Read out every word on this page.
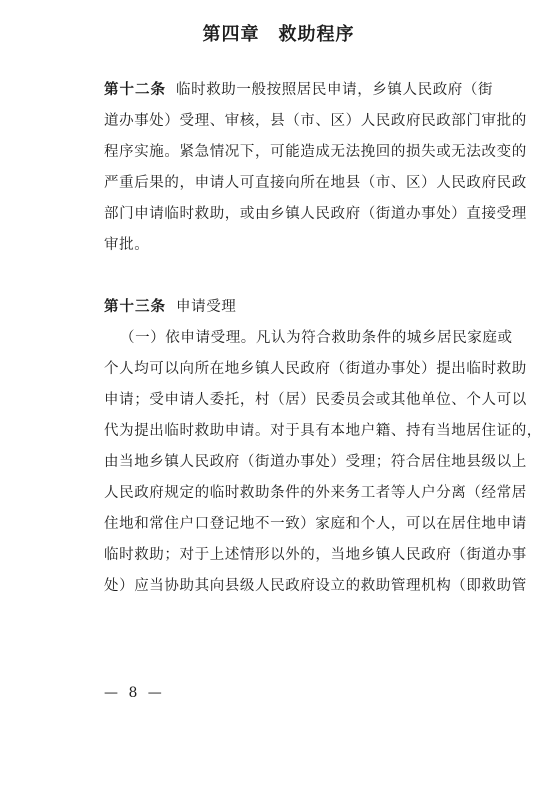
第四章　救助程序
第十二条 临时救助一般按照居民申请，乡镇人民政府（街
道办事处）受理、审核，县（市、区）人民政府民政部门审批的
程序实施。紧急情况下，可能造成无法挽回的损失或无法改变的
严重后果的，申请人可直接向所在地县（市、区）人民政府民政
部门申请临时救助，或由乡镇人民政府（街道办事处）直接受理
审批。
第十三条 申请受理
（一）依申请受理。凡认为符合救助条件的城乡居民家庭或
个人均可以向所在地乡镇人民政府（街道办事处）提出临时救助
申请；受申请人委托，村（居）民委员会或其他单位、个人可以
代为提出临时救助申请。对于具有本地户籍、持有当地居住证的，
由当地乡镇人民政府（街道办事处）受理；符合居住地县级以上
人民政府规定的临时救助条件的外来务工者等人户分离（经常居
住地和常住户口登记地不一致）家庭和个人，可以在居住地申请
临时救助；对于上述情形以外的，当地乡镇人民政府（街道办事
处）应当协助其向县级人民政府设立的救助管理机构（即救助管
— 8 —
